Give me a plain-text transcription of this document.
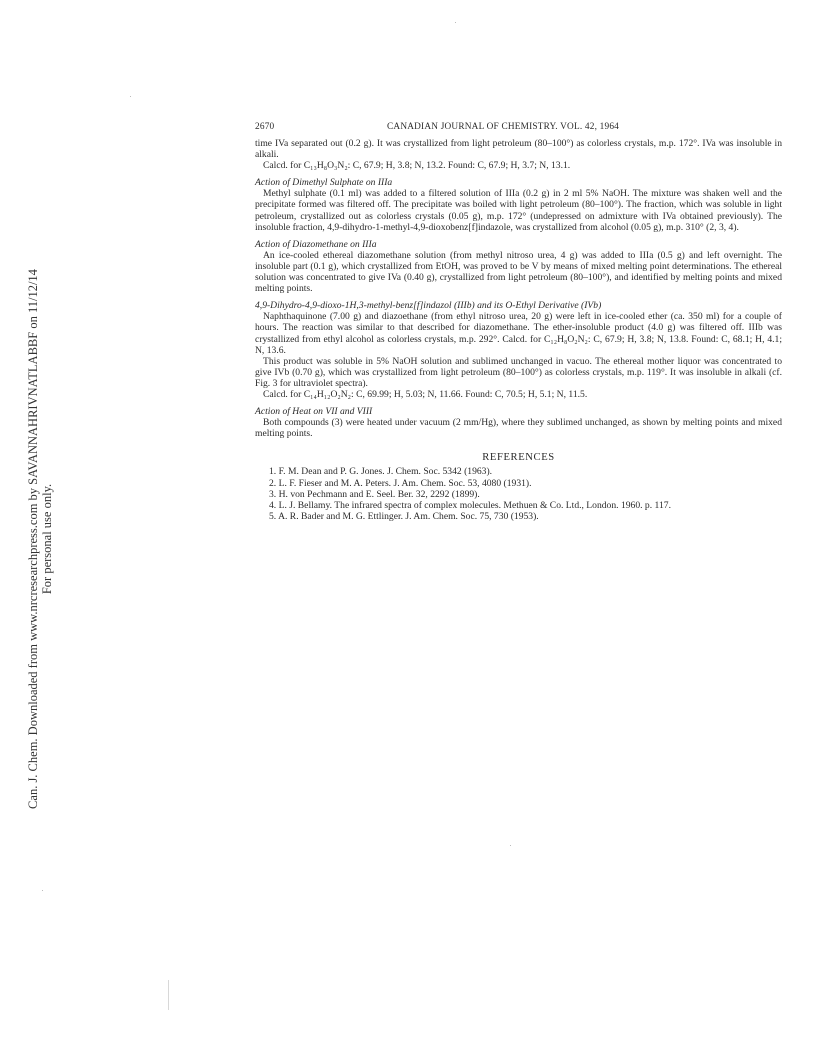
Can. J. Chem. Downloaded from www.nrcresearchpress.com by SAVANNAHRIVNATLABBF on 11/12/14 For personal use only.
2670	CANADIAN JOURNAL OF CHEMISTRY. VOL. 42, 1964

time IVa separated out (0.2 g). It was crystallized from light petroleum (80–100°) as colorless crystals, m.p. 172°. IVa was insoluble in alkali.

Calcd. for C₁₃H₈O₃N₂: C, 67.9; H, 3.8; N, 13.2. Found: C, 67.9; H, 3.7; N, 13.1.

Action of Dimethyl Sulphate on IIIa

Methyl sulphate (0.1 ml) was added to a filtered solution of IIIa (0.2 g) in 2 ml 5% NaOH. The mixture was shaken well and the precipitate formed was filtered off. The precipitate was boiled with light petroleum (80–100°). The fraction, which was soluble in light petroleum, crystallized out as colorless crystals (0.05 g), m.p. 172° (undepressed on admixture with IVa obtained previously). The insoluble fraction, 4,9-dihydro-1-methyl-4,9-dioxobenz[f]indazole, was crystallized from alcohol (0.05 g), m.p. 310° (2, 3, 4).

Action of Diazomethane on IIIa

An ice-cooled ethereal diazomethane solution (from methyl nitroso urea, 4 g) was added to IIIa (0.5 g) and left overnight. The insoluble part (0.1 g), which crystallized from EtOH, was proved to be V by means of mixed melting point determinations. The ethereal solution was concentrated to give IVa (0.40 g), crystallized from light petroleum (80–100°), and identified by melting points and mixed melting points.

4,9-Dihydro-4,9-dioxo-1H,3-methyl-benz[f]indazol (IIIb) and its O-Ethyl Derivative (IVb)

Naphthaquinone (7.00 g) and diazoethane (from ethyl nitroso urea, 20 g) were left in ice-cooled ether (ca. 350 ml) for a couple of hours. The reaction was similar to that described for diazomethane. The ether-insoluble product (4.0 g) was filtered off. IIIb was crystallized from ethyl alcohol as colorless crystals, m.p. 292°. Calcd. for C₁₂H₈O₂N₂: C, 67.9; H, 3.8; N, 13.8. Found: C, 68.1; H, 4.1; N, 13.6.

This product was soluble in 5% NaOH solution and sublimed unchanged in vacuo. The ethereal mother liquor was concentrated to give IVb (0.70 g), which was crystallized from light petroleum (80–100°) as colorless crystals, m.p. 119°. It was insoluble in alkali (cf. Fig. 3 for ultraviolet spectra).

Calcd. for C₁₄H₁₂O₂N₂: C, 69.99; H, 5.03; N, 11.66. Found: C, 70.5; H, 5.1; N, 11.5.

Action of Heat on VII and VIII

Both compounds (3) were heated under vacuum (2 mm/Hg), where they sublimed unchanged, as shown by melting points and mixed melting points.

REFERENCES

1. F. M. Dean and P. G. Jones. J. Chem. Soc. 5342 (1963).

2. L. F. Fieser and M. A. Peters. J. Am. Chem. Soc. 53, 4080 (1931).

3. H. von Pechmann and E. Seel. Ber. 32, 2292 (1899).

4. L. J. Bellamy. The infrared spectra of complex molecules. Methuen & Co. Ltd., London. 1960. p. 117.

5. A. R. Bader and M. G. Ettlinger. J. Am. Chem. Soc. 75, 730 (1953).
